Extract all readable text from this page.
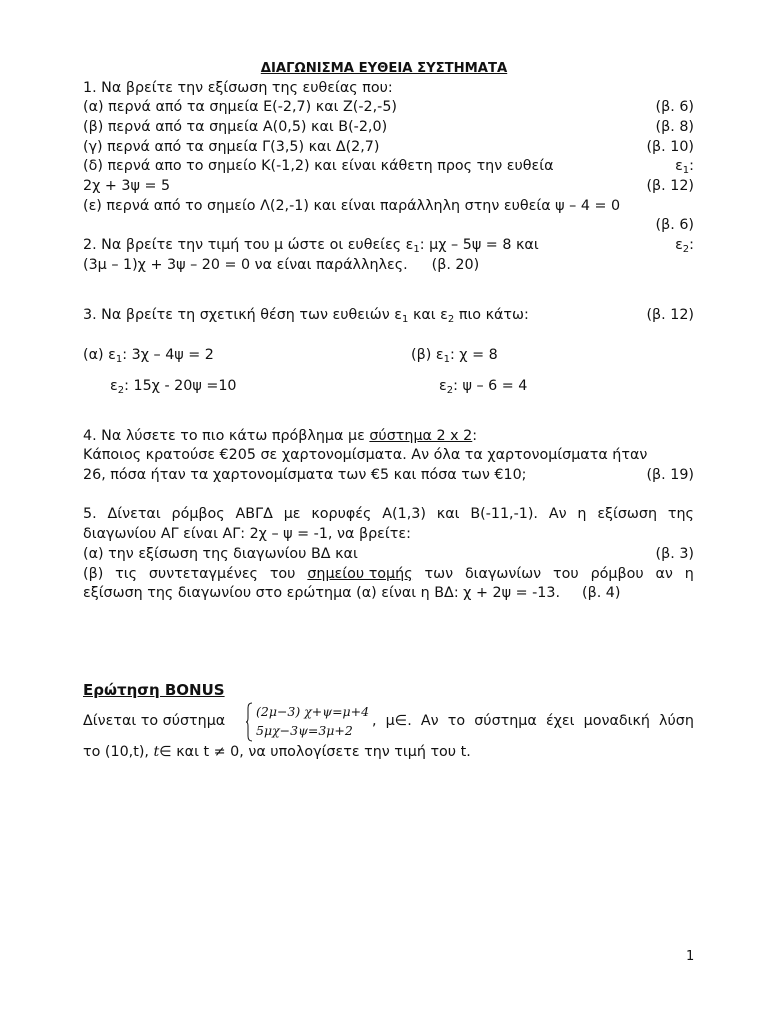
ΔΙΑΓΩΝΙΣΜΑ ΕΥΘΕΙΑ ΣΥΣΤΗΜΑΤΑ
1. Να βρείτε την εξίσωση της ευθείας που:
(α) περνά από τα σημεία Ε(-2,7) και Ζ(-2,-5)	(β. 6)
(β) περνά από τα σημεία Α(0,5) και Β(-2,0)	(β. 8)
(γ) περνά από τα σημεία Γ(3,5) και Δ(2,7)	(β. 10)
(δ) περνά απο το σημείο Κ(-1,2) και είναι κάθετη προς την ευθεία	$\varepsilon_1$:
2χ + 3ψ = 5	(β. 12)
(ε) περνά από το σημείο Λ(2,-1) και είναι παράλληλη στην ευθεία ψ – 4 = 0
(β. 6)
2. Να βρείτε την τιμή του μ ώστε οι ευθείες $\varepsilon_1$: μχ – 5ψ = 8 και	$\varepsilon_2$:
(3μ – 1)χ + 3ψ – 20 = 0 να είναι παράλληλες. (β. 20)
3. Να βρείτε τη σχετική θέση των ευθειών $\varepsilon_1$ και $\varepsilon_2$ πιο κάτω:	(β. 12)
(α) $\varepsilon_1$: 3χ – 4ψ = 2	(β) $\varepsilon_1$: χ = 8
$\varepsilon_2$: 15χ - 20ψ =10	$\varepsilon_2$: ψ – 6 = 4
4. Να λύσετε το πιο κάτω πρόβλημα με σύστημα 2 x 2:
Κάποιος κρατούσε €205 σε χαρτονομίσματα. Αν όλα τα χαρτονομίσματα ήταν
26, πόσα ήταν τα χαρτονομίσματα των €5 και πόσα των €10;	(β. 19)
5. Δίνεται ρόμβος ΑΒΓΔ με κορυφές Α(1,3) και Β(-11,-1). Αν η εξίσωση της
διαγωνίου ΑΓ είναι ΑΓ: 2χ – ψ = -1, να βρείτε:
(α) την εξίσωση της διαγωνίου ΒΔ και	(β. 3)
(β) τις συντεταγμένες του σημείου τομής των διαγωνίων του ρόμβου αν η
εξίσωση της διαγωνίου στο ερώτημα (α) είναι η ΒΔ: χ + 2ψ = -13. (β. 4)
Ερώτηση BONUS
Δίνεται το σύστημα
(2μ−3) χ+ψ=μ+4
5μχ−3ψ=3μ+2
, μ∈. Αν το σύστημα έχει μοναδική λύση
το (10,t), t∈ και t ≠ 0, να υπολογίσετε την τιμή του t.
1
